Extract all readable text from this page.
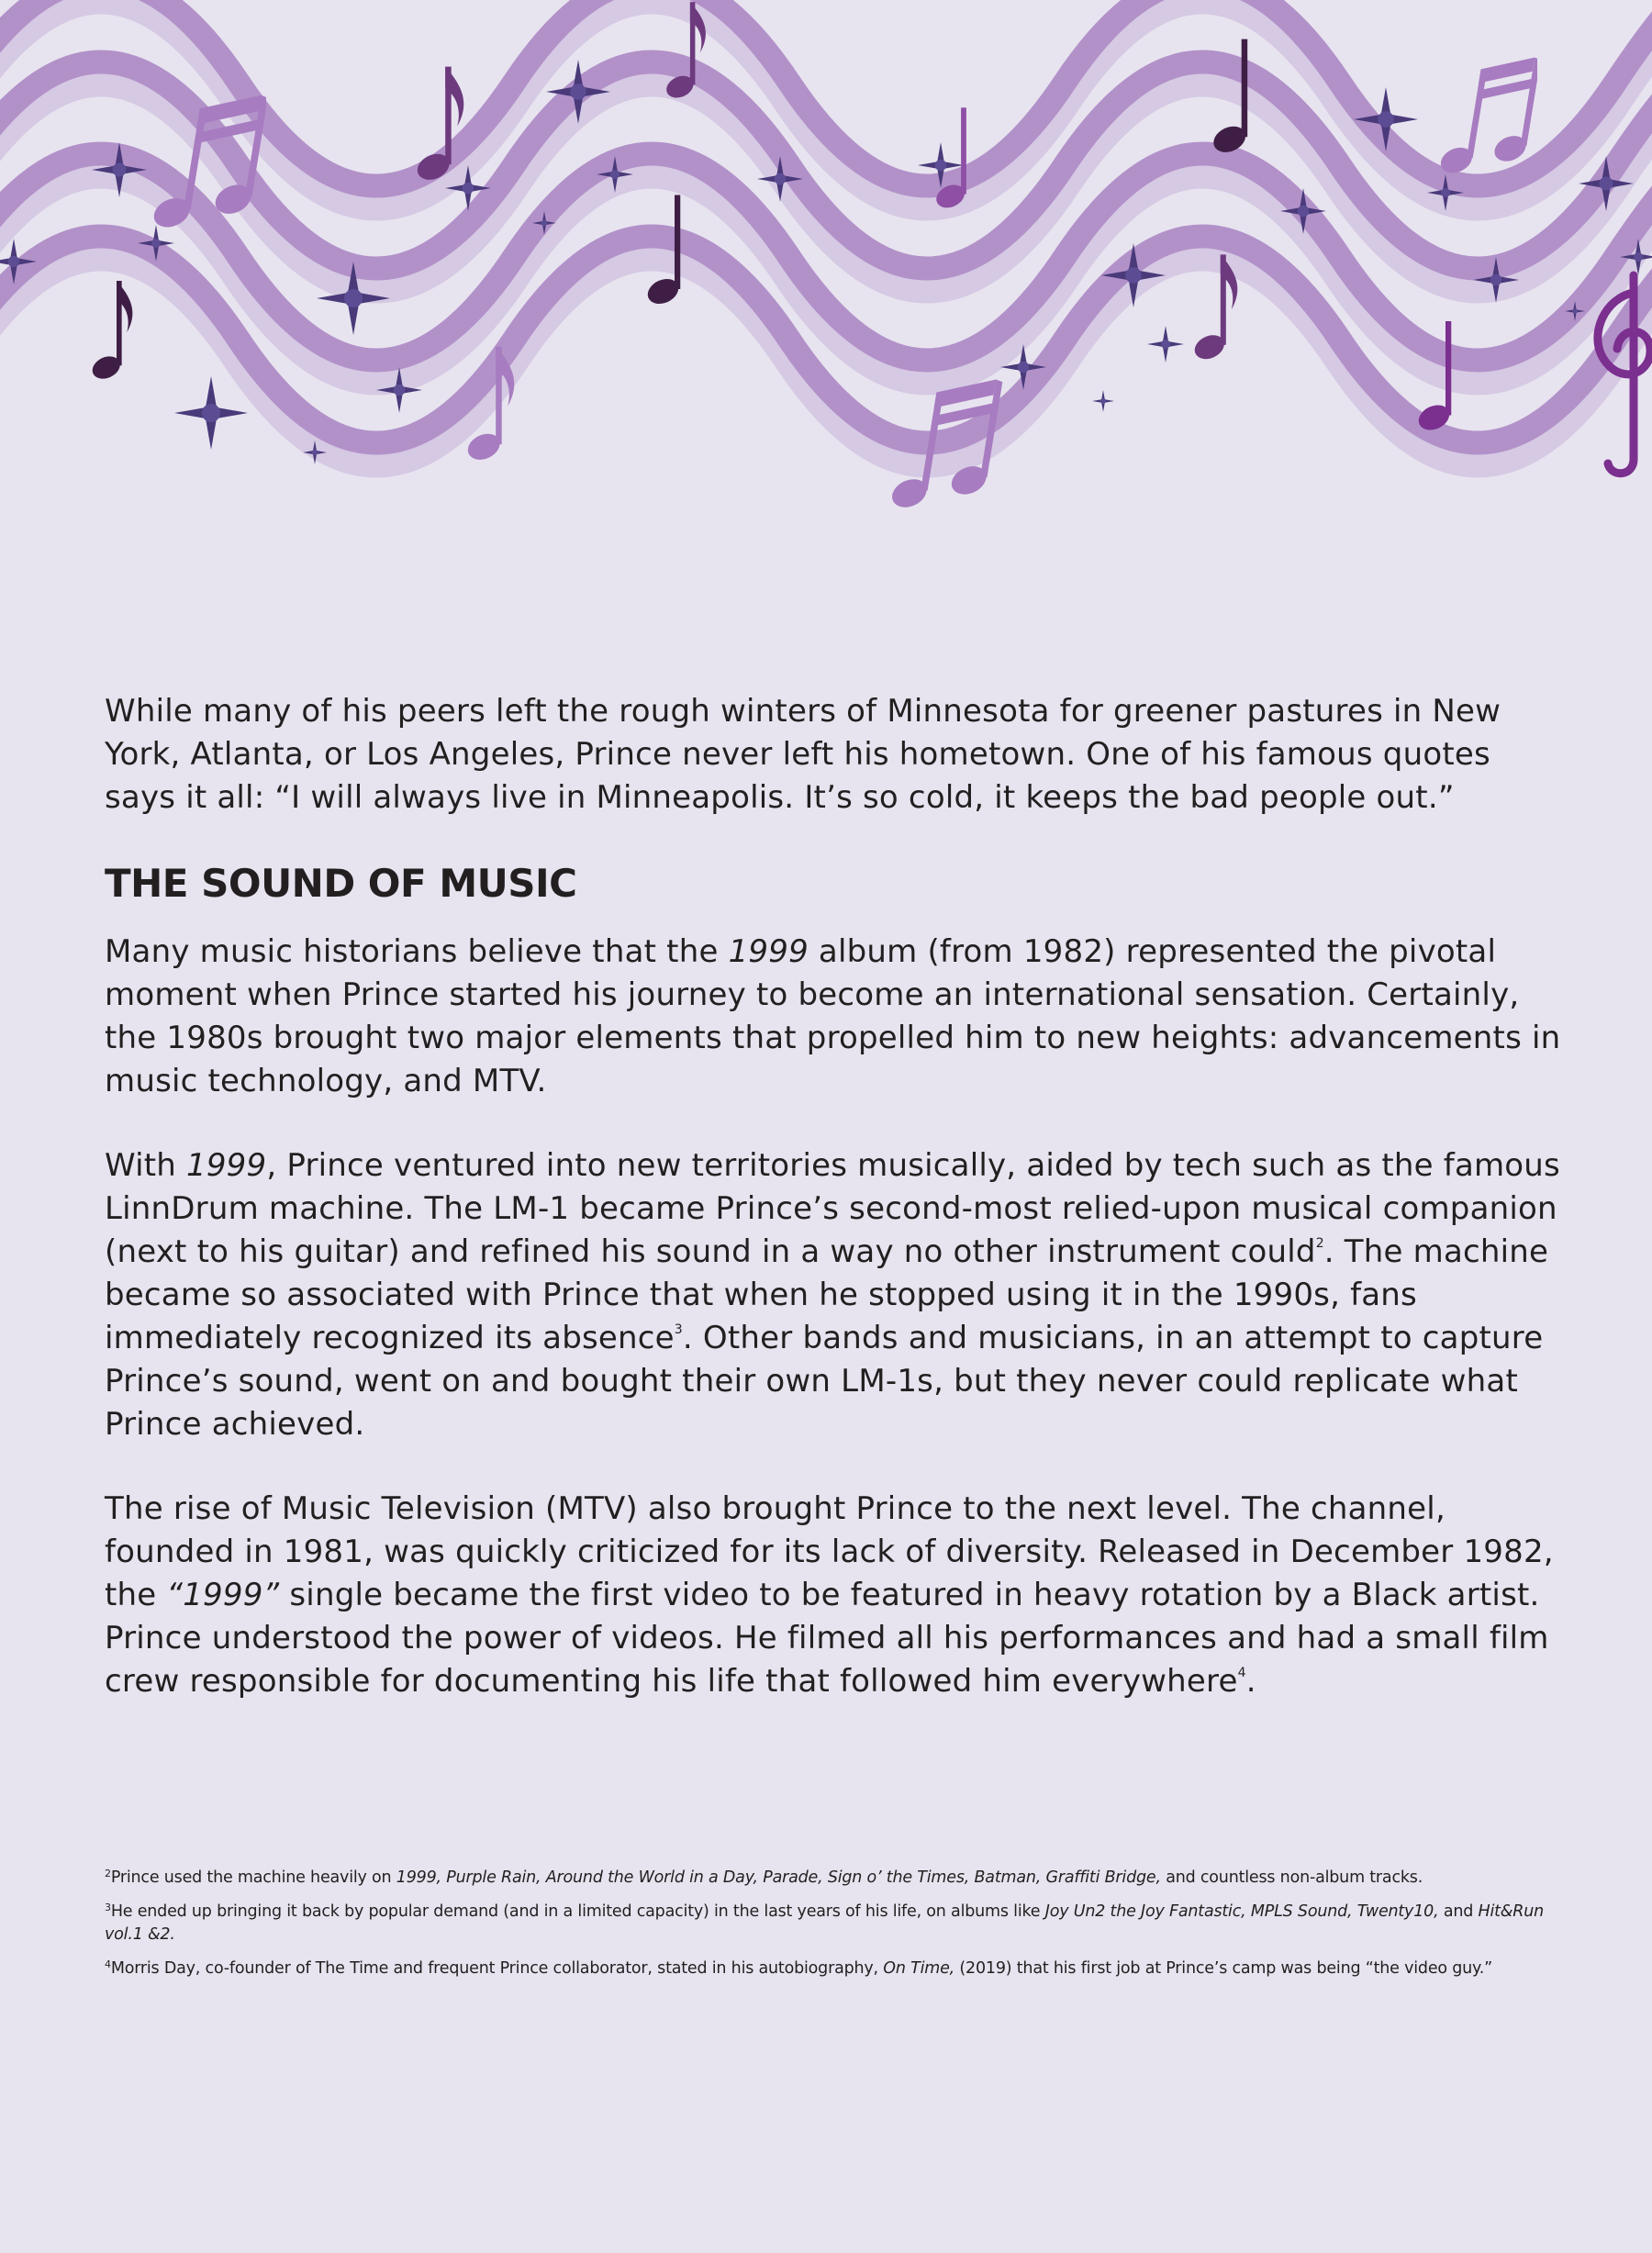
While many of his peers left the rough winters of Minnesota for greener pastures in New York, Atlanta, or Los Angeles, Prince never left his hometown. One of his famous quotes says it all: “I will always live in Minneapolis. It’s so cold, it keeps the bad people out.”

THE SOUND OF MUSIC

Many music historians believe that the 1999 album (from 1982) represented the pivotal moment when Prince started his journey to become an international sensation. Certainly, the 1980s brought two major elements that propelled him to new heights: advancements in music technology, and MTV.

With 1999, Prince ventured into new territories musically, aided by tech such as the famous LinnDrum machine. The LM-1 became Prince’s second-most relied-upon musical companion (next to his guitar) and refined his sound in a way no other instrument could$^2$. The machine became so associated with Prince that when he stopped using it in the 1990s, fans immediately recognized its absence$^3$. Other bands and musicians, in an attempt to capture Prince’s sound, went on and bought their own LM-1s, but they never could replicate what Prince achieved.

The rise of Music Television (MTV) also brought Prince to the next level. The channel, founded in 1981, was quickly criticized for its lack of diversity. Released in December 1982, the “1999” single became the first video to be featured in heavy rotation by a Black artist. Prince understood the power of videos. He filmed all his performances and had a small film crew responsible for documenting his life that followed him everywhere$^4$.

$^2$Prince used the machine heavily on 1999, Purple Rain, Around the World in a Day, Parade, Sign o’ the Times, Batman, Graffiti Bridge, and countless non-album tracks.

$^3$He ended up bringing it back by popular demand (and in a limited capacity) in the last years of his life, on albums like Joy Un2 the Joy Fantastic, MPLS Sound, Twenty10, and Hit&Run vol.1 &2.

$^4$Morris Day, co-founder of The Time and frequent Prince collaborator, stated in his autobiography, On Time, (2019) that his first job at Prince’s camp was being “the video guy.”
